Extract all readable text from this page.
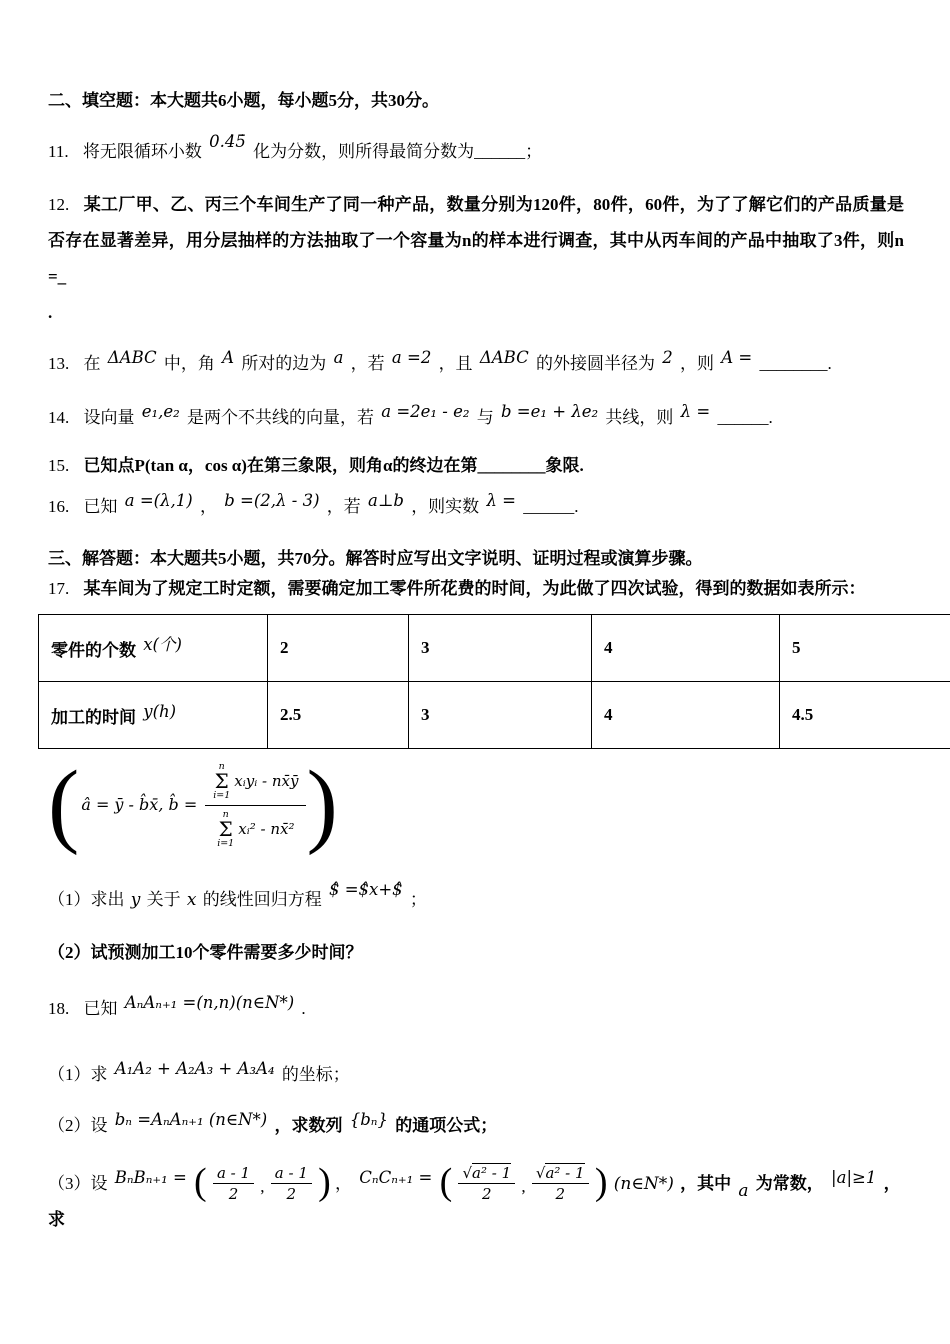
二、填空题：本大题共6小题，每小题5分，共30分。
11. 将无限循环小数 0.4̇5̇ 化为分数，则所得最简分数为______；
12. 某工厂甲、乙、丙三个车间生产了同一种产品，数量分别为120件，80件，60件，为了了解它们的产品质量是否存在显著差异，用分层抽样的方法抽取了一个容量为n的样本进行调查，其中从丙车间的产品中抽取了3件，则n =_
.
13. 在 ΔABC 中，角 A 所对的边为 a ，若 a =2 ，且 ΔABC 的外接圆半径为 2 ，则 A = ________.
14. 设向量 e₁,e₂ 是两个不共线的向量，若 a =2e₁ - e₂ 与 b =e₁ + λe₂ 共线，则 λ = ______.
15. 已知点P(tan α，cos α)在第三象限，则角α的终边在第________象限.
16. 已知 a =(λ,1) ， b =(2,λ - 3) ，若 a⊥b ，则实数 λ = ______.
三、解答题：本大题共5小题，共70分。解答时应写出文字说明、证明过程或演算步骤。
17. 某车间为了规定工时定额，需要确定加工零件所花费的时间，为此做了四次试验，得到的数据如表所示：
零件的个数 x(个)	2	3	4	5
加工的时间 y(h)	2.5	3	4	4.5
( â = ȳ - b̂x̄, b̂ =
n
Σ
i=1
xᵢyᵢ - nx̄ȳ
n
Σ
i=1
xᵢ² - nx̄² )
（1）求出 y 关于 x 的线性回归方程 $̂ =$̂x+$̂ ；
（2）试预测加工10个零件需要多少时间？
18. 已知 AₙAₙ₊₁ =(n,n)(n∈N*) .
（1）求 A₁A₂ + A₂A₃ + A₃A₄ 的坐标；
（2）设 bₙ =AₙAₙ₊₁ (n∈N*) ，求数列 {bₙ} 的通项公式；
（3）设 BₙBₙ₊₁ = ( $\frac{a - 1}{2}$ , $\frac{a - 1}{2}$ ) ， CₙCₙ₊₁ = ( $\frac{\text{√ a² - 1}}{2}$ , $\frac{\text{√ a² - 1}}{2}$ ) (n∈N*) ，其中 a 为常数， |a|≥1 ，求
